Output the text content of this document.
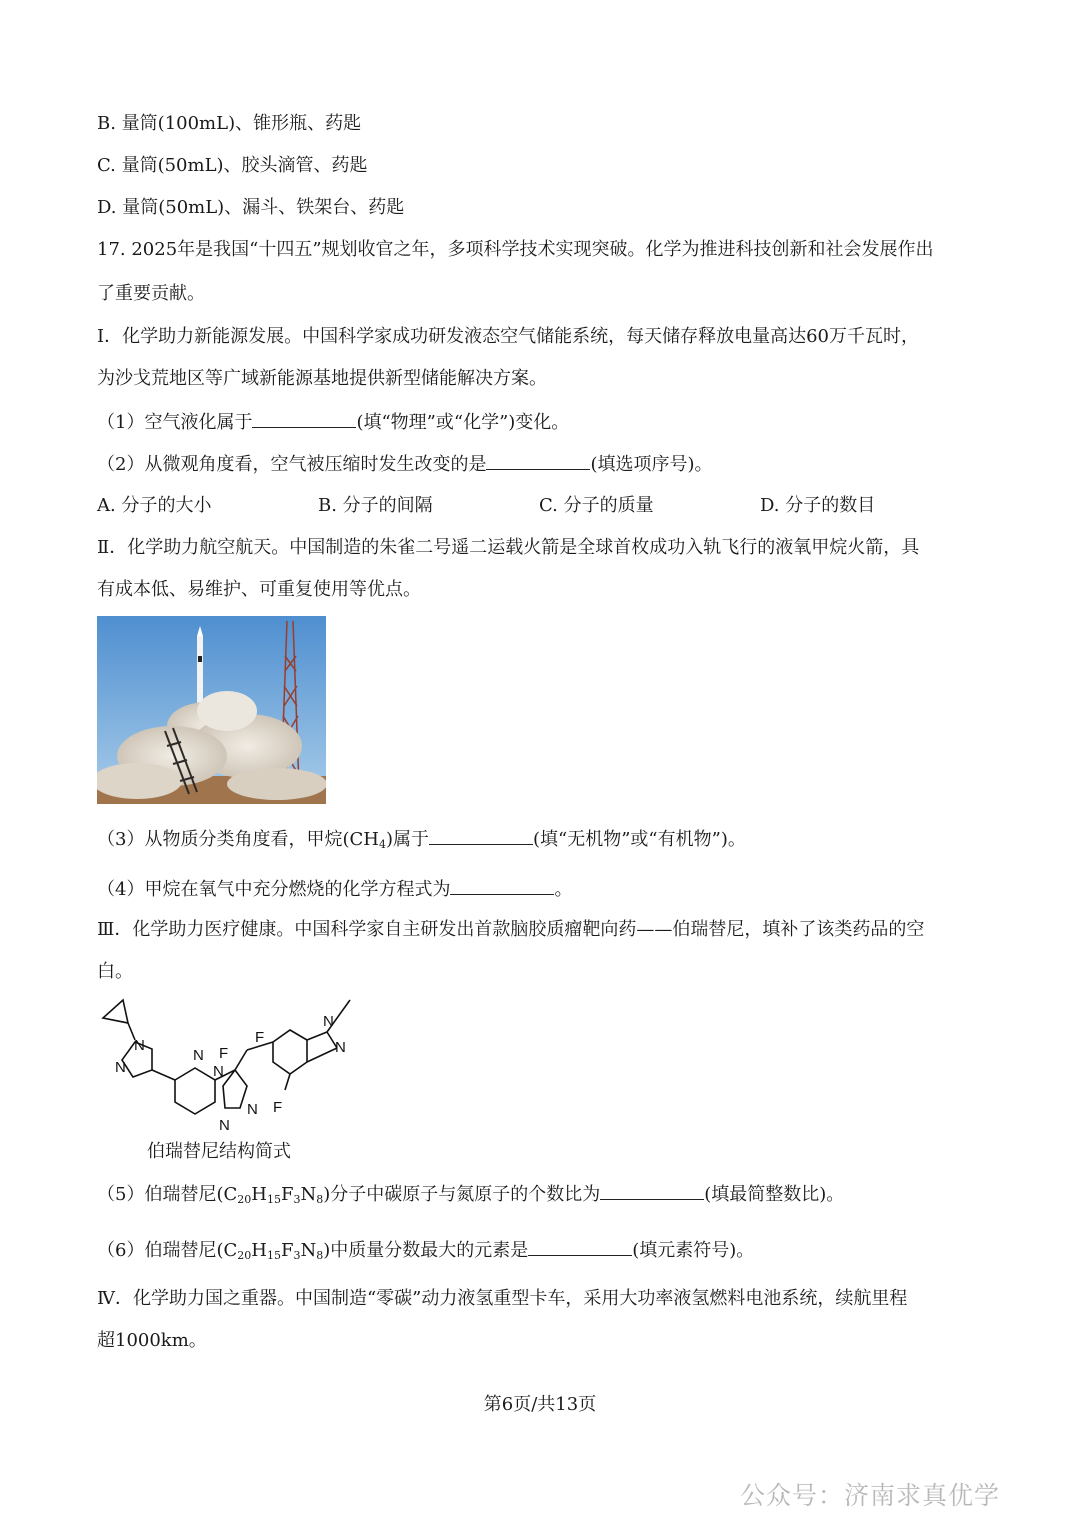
B. 量筒(100mL)、锥形瓶、药匙
C. 量筒(50mL)、胶头滴管、药匙
D. 量筒(50mL)、漏斗、铁架台、药匙
17. 2025年是我国“十四五”规划收官之年，多项科学技术实现突破。化学为推进科技创新和社会发展作出
了重要贡献。
Ⅰ．化学助力新能源发展。中国科学家成功研发液态空气储能系统，每天储存释放电量高达60万千瓦时，
为沙戈荒地区等广域新能源基地提供新型储能解决方案。
（1）空气液化属于	(填“物理”或“化学”)变化。
（2）从微观角度看，空气被压缩时发生改变的是	(填选项序号)。
A. 分子的大小	B. 分子的间隔	C. 分子的质量	D. 分子的数目
Ⅱ．化学助力航空航天。中国制造的朱雀二号遥二运载火箭是全球首枚成功入轨飞行的液氧甲烷火箭，具
有成本低、易维护、可重复使用等优点。
（3）从物质分类角度看，甲烷$(CH_4)$属于	(填“无机物”或“有机物”)。
（4）甲烷在氧气中充分燃烧的化学方程式为	。
Ⅲ．化学助力医疗健康。中国科学家自主研发出首款脑胶质瘤靶向药——伯瑞替尼，填补了该类药品的空
白。
N
N
N
N
N
N
N
N
F
F
F
伯瑞替尼结构简式
（5）伯瑞替尼$(C_{20}H_{15}F_3N_8)$分子中碳原子与氮原子的个数比为	(填最简整数比)。
（6）伯瑞替尼$(C_{20}H_{15}F_3N_8)$中质量分数最大的元素是	(填元素符号)。
Ⅳ．化学助力国之重器。中国制造“零碳”动力液氢重型卡车，采用大功率液氢燃料电池系统，续航里程
超1000km。
第6页/共13页
公众号：济南求真优学
